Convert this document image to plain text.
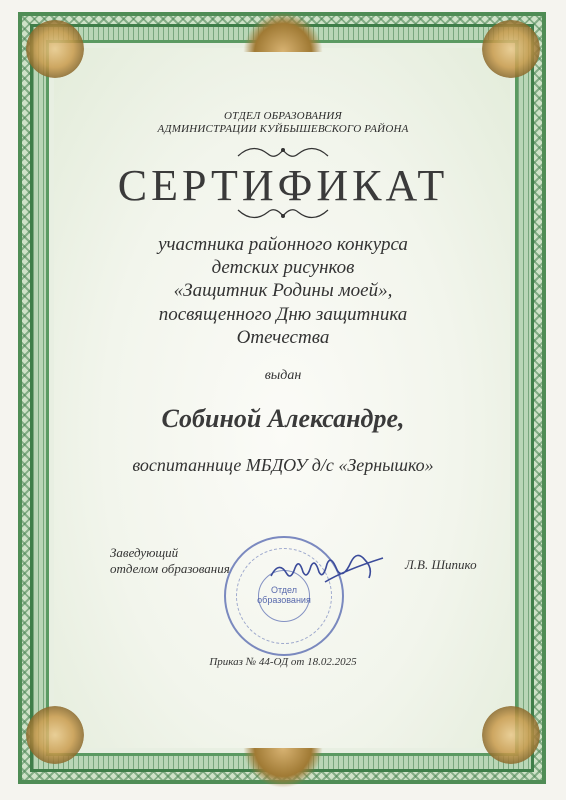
ОТДЕЛ ОБРАЗОВАНИЯ
АДМИНИСТРАЦИИ КУЙБЫШЕВСКОГО РАЙОНА
СЕРТИФИКАТ
участника районного конкурса
детских рисунков
«Защитник Родины моей»,
посвященного Дню защитника
Отечества
выдан
Собиной Александре,
воспитаннице МБДОУ д/с «Зернышко»
Отдел
образования
Заведующий
отделом образования	Л.В. Шипико
Приказ № 44-ОД от 18.02.2025
